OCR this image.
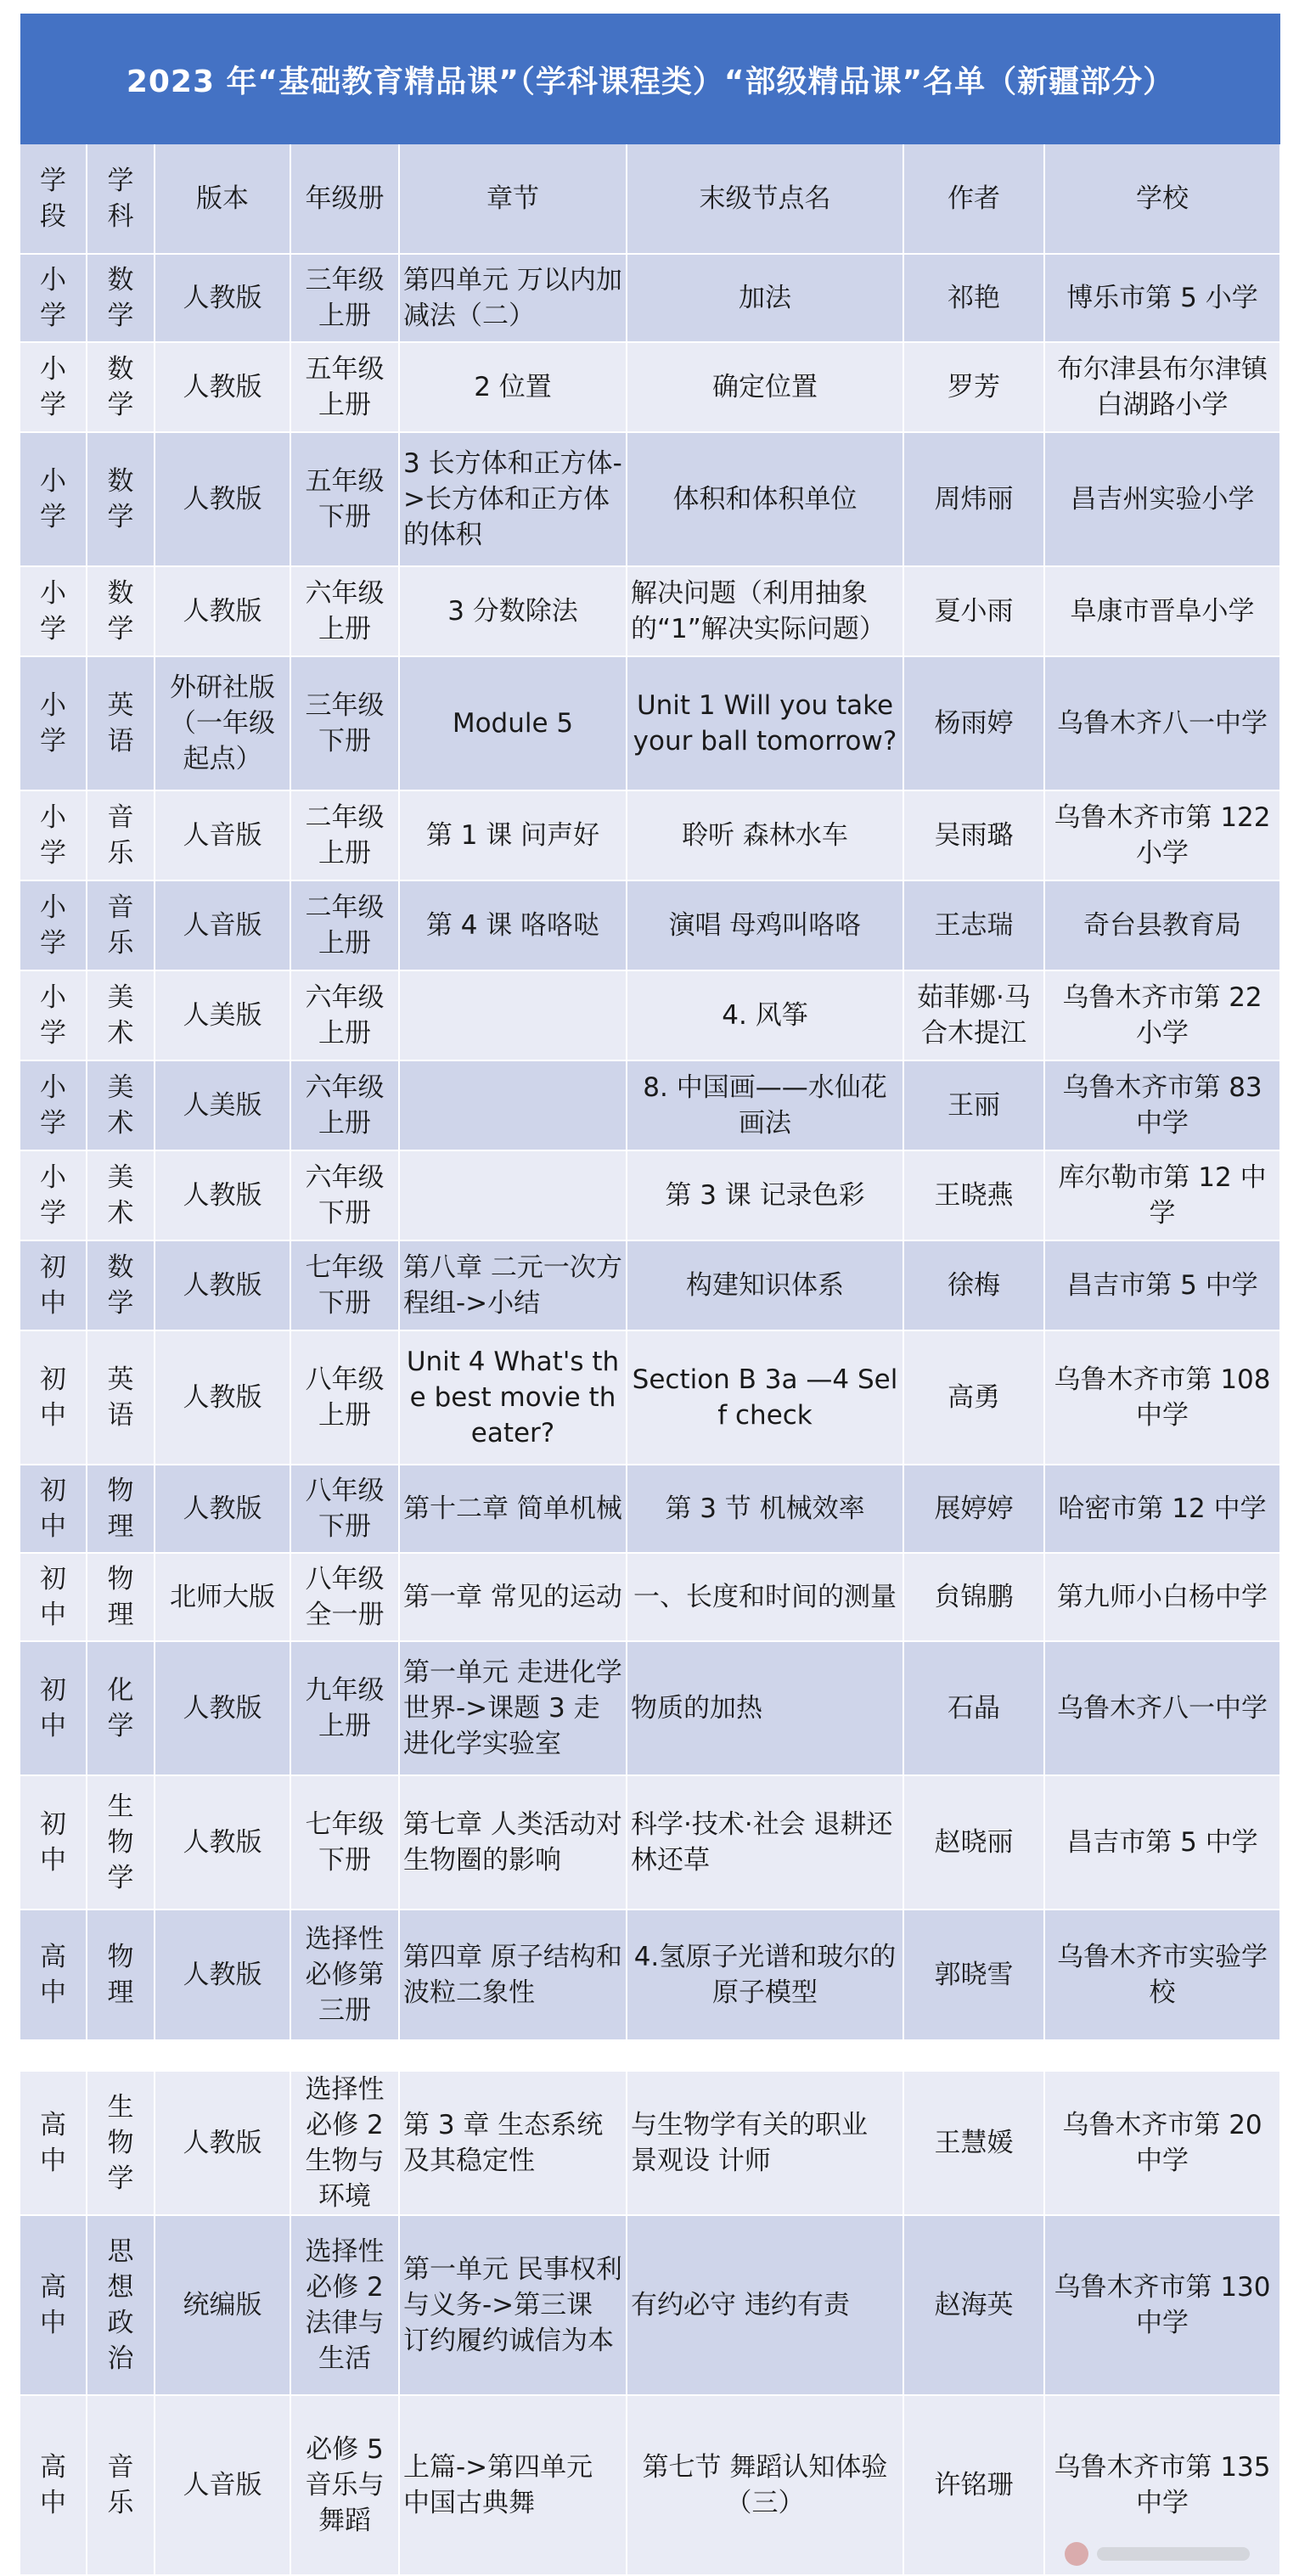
2023 年“基础教育精品课”（学科课程类）“部级精品课”名单（新疆部分）
学段	学科	版本	年级册	章节	末级节点名	作者	学校
小学	数学	人教版	三年级上册	第四单元 万以内加减法（二）	加法	祁艳	博乐市第 5 小学
小学	数学	人教版	五年级上册	2 位置	确定位置	罗芳	布尔津县布尔津镇白湖路小学
小学	数学	人教版	五年级下册	3 长方体和正方体->长方体和正方体的体积	体积和体积单位	周炜丽	昌吉州实验小学
小学	数学	人教版	六年级上册	3 分数除法	解决问题（利用抽象的“1”解决实际问题）	夏小雨	阜康市晋阜小学
小学	英语	外研社版（一年级起点）	三年级下册	Module 5	Unit 1 Will you take your ball tomorrow?	杨雨婷	乌鲁木齐八一中学
小学	音乐	人音版	二年级上册	第 1 课 问声好	聆听 森林水车	吴雨璐	乌鲁木齐市第 122 小学
小学	音乐	人音版	二年级上册	第 4 课 咯咯哒	演唱 母鸡叫咯咯	王志瑞	奇台县教育局
小学	美术	人美版	六年级上册		4. 风筝	茹菲娜·马合木提江	乌鲁木齐市第 22 小学
小学	美术	人美版	六年级上册		8. 中国画——水仙花画法	王丽	乌鲁木齐市第 83 中学
小学	美术	人教版	六年级下册		第 3 课 记录色彩	王晓燕	库尔勒市第 12 中学
初中	数学	人教版	七年级下册	第八章 二元一次方程组->小结	构建知识体系	徐梅	昌吉市第 5 中学
初中	英语	人教版	八年级上册	Unit 4 What's the best movie theater?	Section B 3a —4 Self check	高勇	乌鲁木齐市第 108 中学
初中	物理	人教版	八年级下册	第十二章 简单机械	第 3 节 机械效率	展婷婷	哈密市第 12 中学
初中	物理	北师大版	八年级全一册	第一章 常见的运动	一、长度和时间的测量	贠锦鹏	第九师小白杨中学
初中	化学	人教版	九年级上册	第一单元 走进化学世界->课题 3 走进化学实验室	物质的加热	石晶	乌鲁木齐八一中学
初中	生物学	人教版	七年级下册	第七章 人类活动对生物圈的影响	科学·技术·社会 退耕还林还草	赵晓丽	昌吉市第 5 中学
高中	物理	人教版	选择性必修第三册	第四章 原子结构和波粒二象性	4.氢原子光谱和玻尔的原子模型	郭晓雪	乌鲁木齐市实验学校

高中	生物学	人教版	选择性必修 2 生物与环境	第 3 章 生态系统及其稳定性	与生物学有关的职业 景观设 计师	王慧媛	乌鲁木齐市第 20 中学
高中	思想政治	统编版	选择性必修 2 法律与生活	第一单元 民事权利与义务->第三课 订约履约诚信为本	有约必守 违约有责	赵海英	乌鲁木齐市第 130 中学
高中	音乐	人音版	必修 5 音乐与舞蹈	上篇->第四单元 中国古典舞	第七节 舞蹈认知体验（三）	许铭珊	乌鲁木齐市第 135 中学
